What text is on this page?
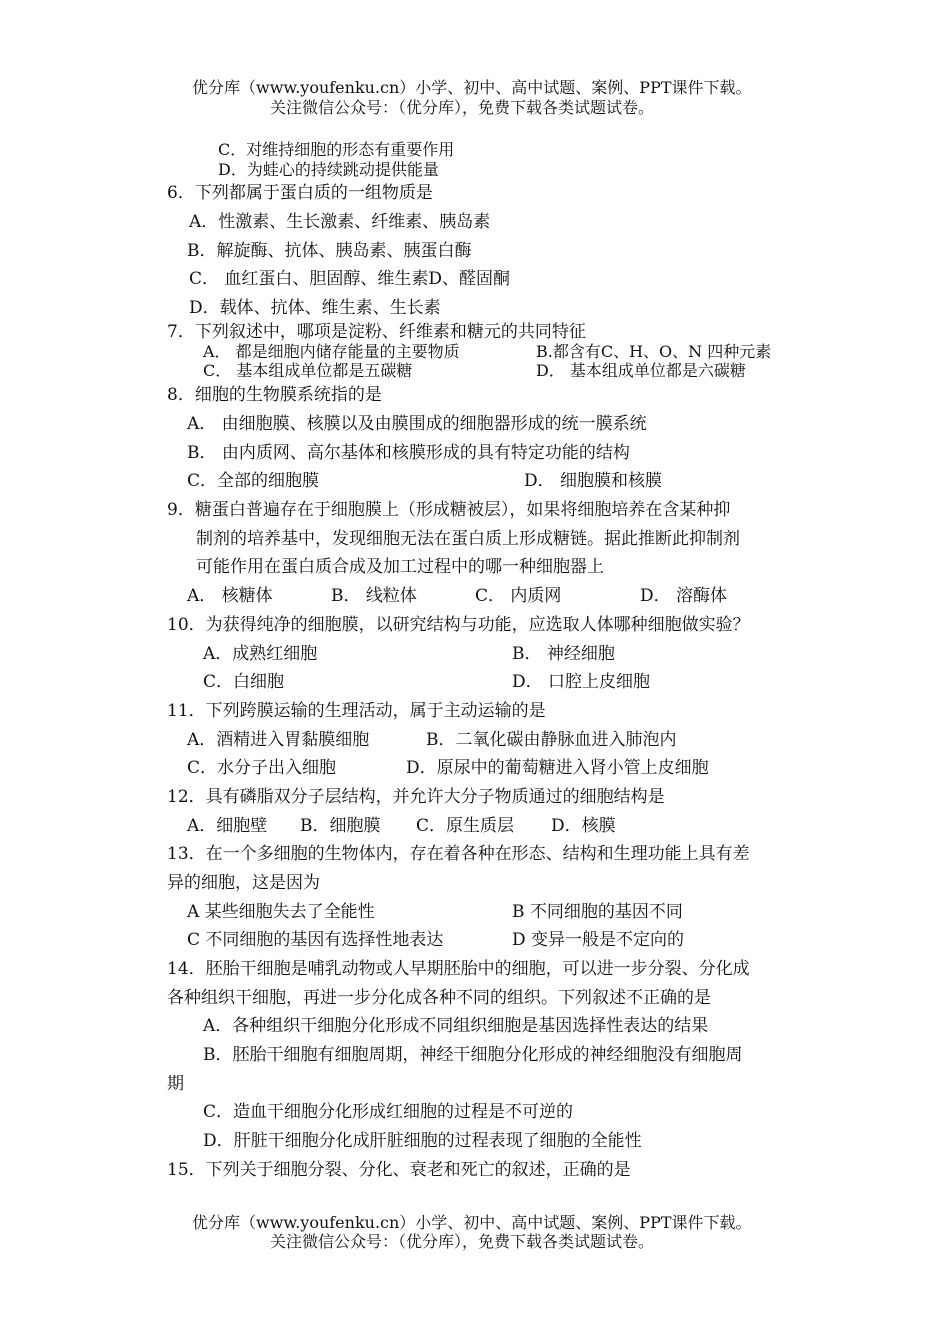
优分库（www.youfenku.cn）小学、初中、高中试题、案例、PPT课件下载。
关注微信公众号：（优分库），免费下载各类试题试卷。
C．对维持细胞的形态有重要作用
D．为蛙心的持续跳动提供能量
6．下列都属于蛋白质的一组物质是
A．性激素、生长激素、纤维素、胰岛素
B．解旋酶、抗体、胰岛素、胰蛋白酶
C． 血红蛋白、胆固醇、维生素D、醛固酮
D．载体、抗体、维生素、生长素
7．下列叙述中，哪项是淀粉、纤维素和糖元的共同特征
A． 都是细胞内储存能量的主要物质	B.都含有C、H、O、N 四种元素
C． 基本组成单位都是五碳糖	D． 基本组成单位都是六碳糖
8．细胞的生物膜系统指的是
A． 由细胞膜、核膜以及由膜围成的细胞器形成的统一膜系统
B． 由内质网、高尔基体和核膜形成的具有特定功能的结构
C．全部的细胞膜	D． 细胞膜和核膜
9．糖蛋白普遍存在于细胞膜上（形成糖被层），如果将细胞培养在含某种抑
制剂的培养基中，发现细胞无法在蛋白质上形成糖链。据此推断此抑制剂
可能作用在蛋白质合成及加工过程中的哪一种细胞器上
A． 核糖体	B． 线粒体	C． 内质网	D． 溶酶体
10．为获得纯净的细胞膜，以研究结构与功能，应选取人体哪种细胞做实验？
A．成熟红细胞	B． 神经细胞
C．白细胞	D． 口腔上皮细胞
11．下列跨膜运输的生理活动，属于主动运输的是
A．酒精进入胃黏膜细胞	B．二氧化碳由静脉血进入肺泡内
C．水分子出入细胞	D．原尿中的葡萄糖进入肾小管上皮细胞
12．具有磷脂双分子层结构，并允许大分子物质通过的细胞结构是
A．细胞壁 B．细胞膜 C．原生质层 D．核膜
13．在一个多细胞的生物体内，存在着各种在形态、结构和生理功能上具有差
异的细胞，这是因为
A 某些细胞失去了全能性	B 不同细胞的基因不同
C 不同细胞的基因有选择性地表达	D 变异一般是不定向的
14．胚胎干细胞是哺乳动物或人早期胚胎中的细胞，可以进一步分裂、分化成
各种组织干细胞，再进一步分化成各种不同的组织。下列叙述不正确的是
A．各种组织干细胞分化形成不同组织细胞是基因选择性表达的结果
B．胚胎干细胞有细胞周期，神经干细胞分化形成的神经细胞没有细胞周
期
C．造血干细胞分化形成红细胞的过程是不可逆的
D．肝脏干细胞分化成肝脏细胞的过程表现了细胞的全能性
15．下列关于细胞分裂、分化、衰老和死亡的叙述，正确的是
优分库（www.youfenku.cn）小学、初中、高中试题、案例、PPT课件下载。
关注微信公众号：（优分库），免费下载各类试题试卷。
